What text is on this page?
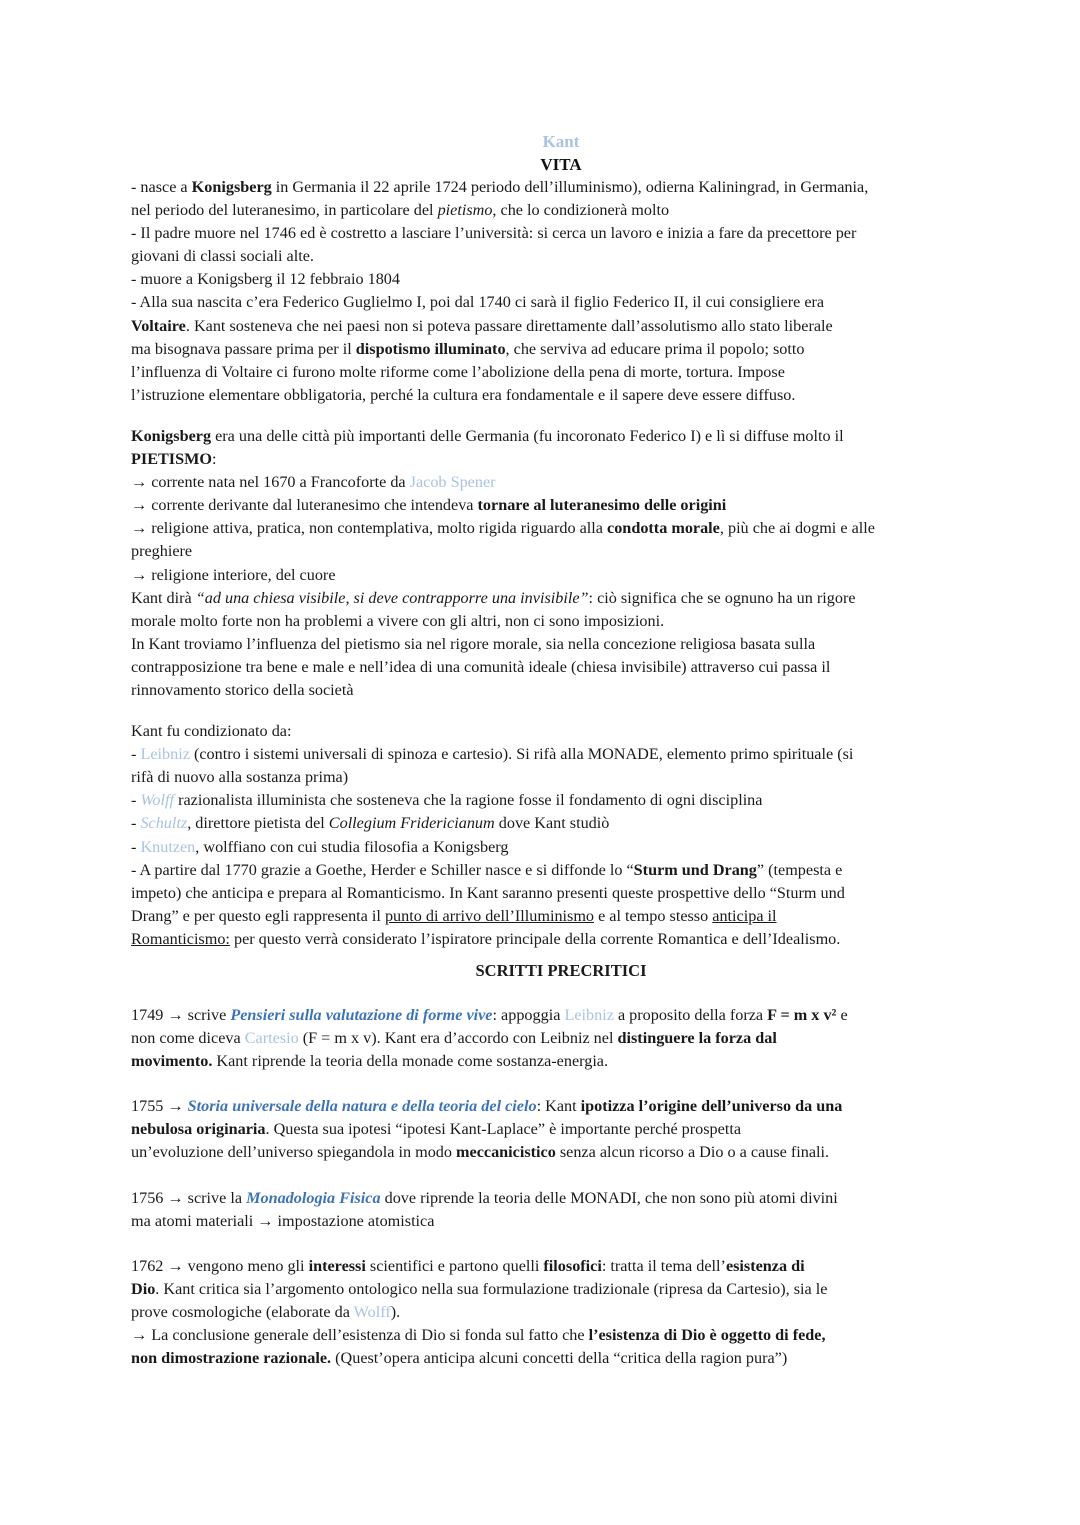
Kant
VITA
- nasce a Konigsberg in Germania il 22 aprile 1724 periodo dell’illuminismo), odierna Kaliningrad, in Germania,
nel periodo del luteranesimo, in particolare del pietismo, che lo condizionerà molto
- Il padre muore nel 1746 ed è costretto a lasciare l’università: si cerca un lavoro e inizia a fare da precettore per
giovani di classi sociali alte.
- muore a Konigsberg il 12 febbraio 1804
- Alla sua nascita c’era Federico Guglielmo I, poi dal 1740 ci sarà il figlio Federico II, il cui consigliere era
Voltaire. Kant sosteneva che nei paesi non si poteva passare direttamente dall’assolutismo allo stato liberale
ma bisognava passare prima per il dispotismo illuminato, che serviva ad educare prima il popolo; sotto
l’influenza di Voltaire ci furono molte riforme come l’abolizione della pena di morte, tortura. Impose
l’istruzione elementare obbligatoria, perché la cultura era fondamentale e il sapere deve essere diffuso.
Konigsberg era una delle città più importanti delle Germania (fu incoronato Federico I) e lì si diffuse molto il
PIETISMO:
→ corrente nata nel 1670 a Francoforte da Jacob Spener
→ corrente derivante dal luteranesimo che intendeva tornare al luteranesimo delle origini
→ religione attiva, pratica, non contemplativa, molto rigida riguardo alla condotta morale, più che ai dogmi e alle
preghiere
→ religione interiore, del cuore
Kant dirà “ad una chiesa visibile, si deve contrapporre una invisibile”: ciò significa che se ognuno ha un rigore
morale molto forte non ha problemi a vivere con gli altri, non ci sono imposizioni.
In Kant troviamo l’influenza del pietismo sia nel rigore morale, sia nella concezione religiosa basata sulla
contrapposizione tra bene e male e nell’idea di una comunità ideale (chiesa invisibile) attraverso cui passa il
rinnovamento storico della società
Kant fu condizionato da:
- Leibniz (contro i sistemi universali di spinoza e cartesio). Si rifà alla MONADE, elemento primo spirituale (si
rifà di nuovo alla sostanza prima)
- Wolff razionalista illuminista che sosteneva che la ragione fosse il fondamento di ogni disciplina
- Schultz, direttore pietista del Collegium Fridericianum dove Kant studiò
- Knutzen, wolffiano con cui studia filosofia a Konigsberg
- A partire dal 1770 grazie a Goethe, Herder e Schiller nasce e si diffonde lo “Sturm und Drang” (tempesta e
impeto) che anticipa e prepara al Romanticismo. In Kant saranno presenti queste prospettive dello “Sturm und
Drang” e per questo egli rappresenta il punto di arrivo dell’Illuminismo e al tempo stesso anticipa il
Romanticismo: per questo verrà considerato l’ispiratore principale della corrente Romantica e dell’Idealismo.
SCRITTI PRECRITICI
1749 → scrive Pensieri sulla valutazione di forme vive: appoggia Leibniz a proposito della forza F = m x v² e
non come diceva Cartesio (F = m x v). Kant era d’accordo con Leibniz nel distinguere la forza dal
movimento. Kant riprende la teoria della monade come sostanza-energia.
1755 → Storia universale della natura e della teoria del cielo: Kant ipotizza l’origine dell’universo da una
nebulosa originaria. Questa sua ipotesi “ipotesi Kant-Laplace” è importante perché prospetta
un’evoluzione dell’universo spiegandola in modo meccanicistico senza alcun ricorso a Dio o a cause finali.
1756 → scrive la Monadologia Fisica dove riprende la teoria delle MONADI, che non sono più atomi divini
ma atomi materiali → impostazione atomistica
1762 → vengono meno gli interessi scientifici e partono quelli filosofici: tratta il tema dell’esistenza di
Dio. Kant critica sia l’argomento ontologico nella sua formulazione tradizionale (ripresa da Cartesio), sia le
prove cosmologiche (elaborate da Wolff).
→ La conclusione generale dell’esistenza di Dio si fonda sul fatto che l’esistenza di Dio è oggetto di fede,
non dimostrazione razionale. (Quest’opera anticipa alcuni concetti della “critica della ragion pura”)
